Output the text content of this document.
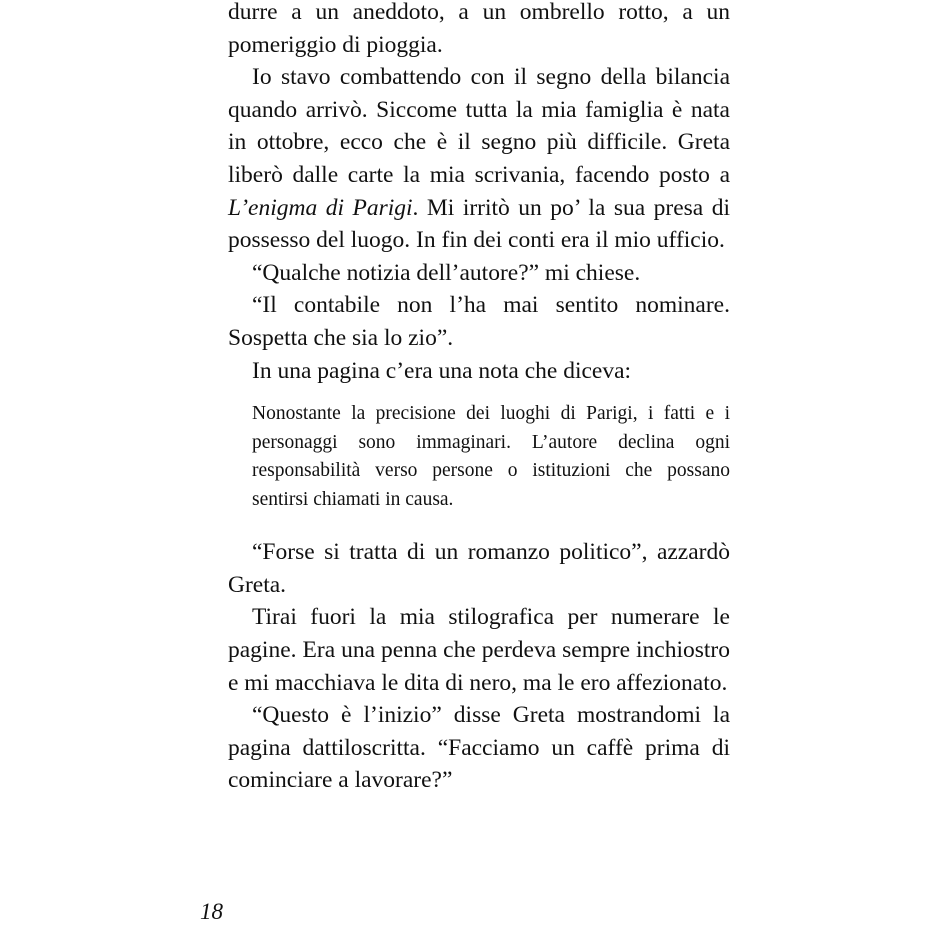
durre a un aneddoto, a un ombrello rotto, a un pomeriggio di pioggia.

Io stavo combattendo con il segno della bilancia quando arrivò. Siccome tutta la mia famiglia è nata in ottobre, ecco che è il segno più difficile. Greta liberò dalle carte la mia scrivania, facendo posto a L’enigma di Parigi. Mi irritò un po’ la sua presa di possesso del luogo. In fin dei conti era il mio ufficio.

“Qualche notizia dell’autore?” mi chiese.

“Il contabile non l’ha mai sentito nominare. Sospetta che sia lo zio”.

In una pagina c’era una nota che diceva:

Nonostante la precisione dei luoghi di Parigi, i fatti e i personaggi sono immaginari. L’autore declina ogni responsabilità verso persone o istituzioni che possano sentirsi chiamati in causa.

“Forse si tratta di un romanzo politico”, azzardò Greta.

Tirai fuori la mia stilografica per numerare le pagine. Era una penna che perdeva sempre inchiostro e mi macchiava le dita di nero, ma le ero affezionato.

“Questo è l’inizio” disse Greta mostrandomi la pagina dattiloscritta. “Facciamo un caffè prima di cominciare a lavorare?”

18
